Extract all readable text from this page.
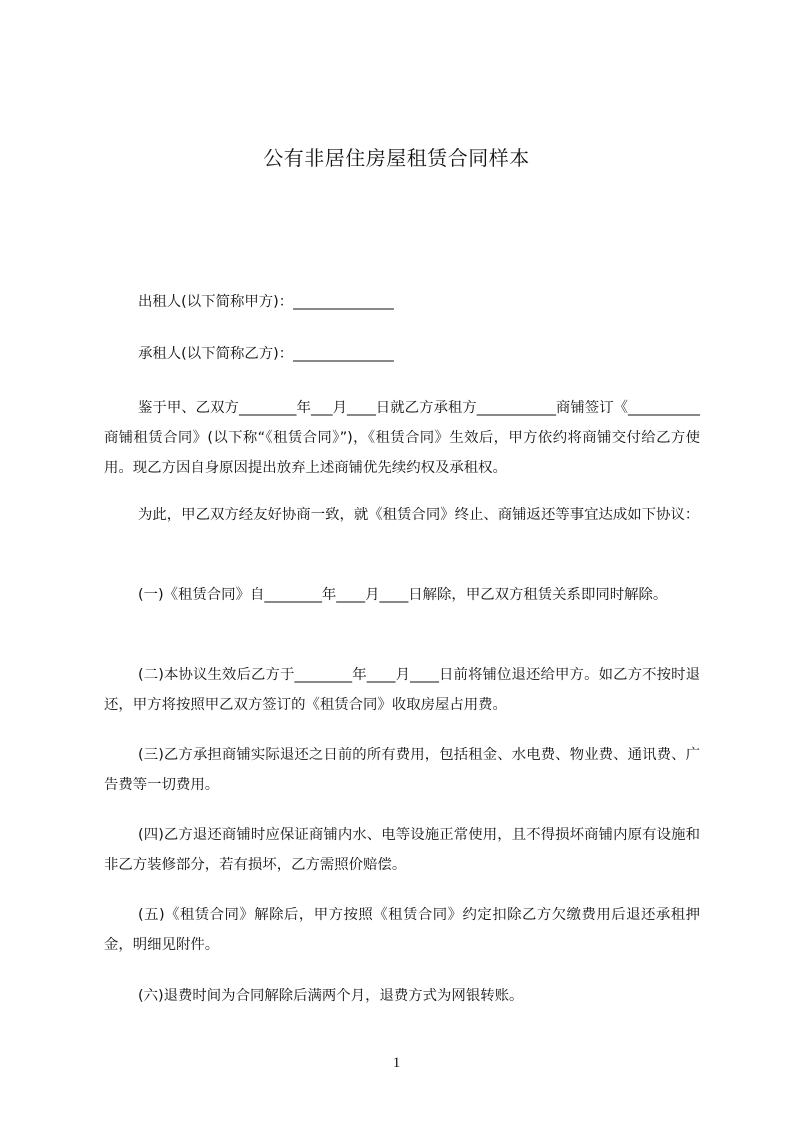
公有非居住房屋租赁合同样本

出租人(以下简称甲方)：______________

承租人(以下简称乙方)：______________

鉴于甲、乙双方________年___月____日就乙方承租方___________商铺签订《__________商铺租赁合同》(以下称“《租赁合同》”)，《租赁合同》生效后，甲方依约将商铺交付给乙方使用。现乙方因自身原因提出放弃上述商铺优先续约权及承租权。

为此，甲乙双方经友好协商一致，就《租赁合同》终止、商铺返还等事宜达成如下协议：

(一)《租赁合同》自________年____月____日解除，甲乙双方租赁关系即同时解除。

(二)本协议生效后乙方于________年____月____日前将铺位退还给甲方。如乙方不按时退还，甲方将按照甲乙双方签订的《租赁合同》收取房屋占用费。

(三)乙方承担商铺实际退还之日前的所有费用，包括租金、水电费、物业费、通讯费、广告费等一切费用。

(四)乙方退还商铺时应保证商铺内水、电等设施正常使用，且不得损坏商铺内原有设施和非乙方装修部分，若有损坏，乙方需照价赔偿。

(五)《租赁合同》解除后，甲方按照《租赁合同》约定扣除乙方欠缴费用后退还承租押金，明细见附件。

(六)退费时间为合同解除后满两个月，退费方式为网银转账。

1
